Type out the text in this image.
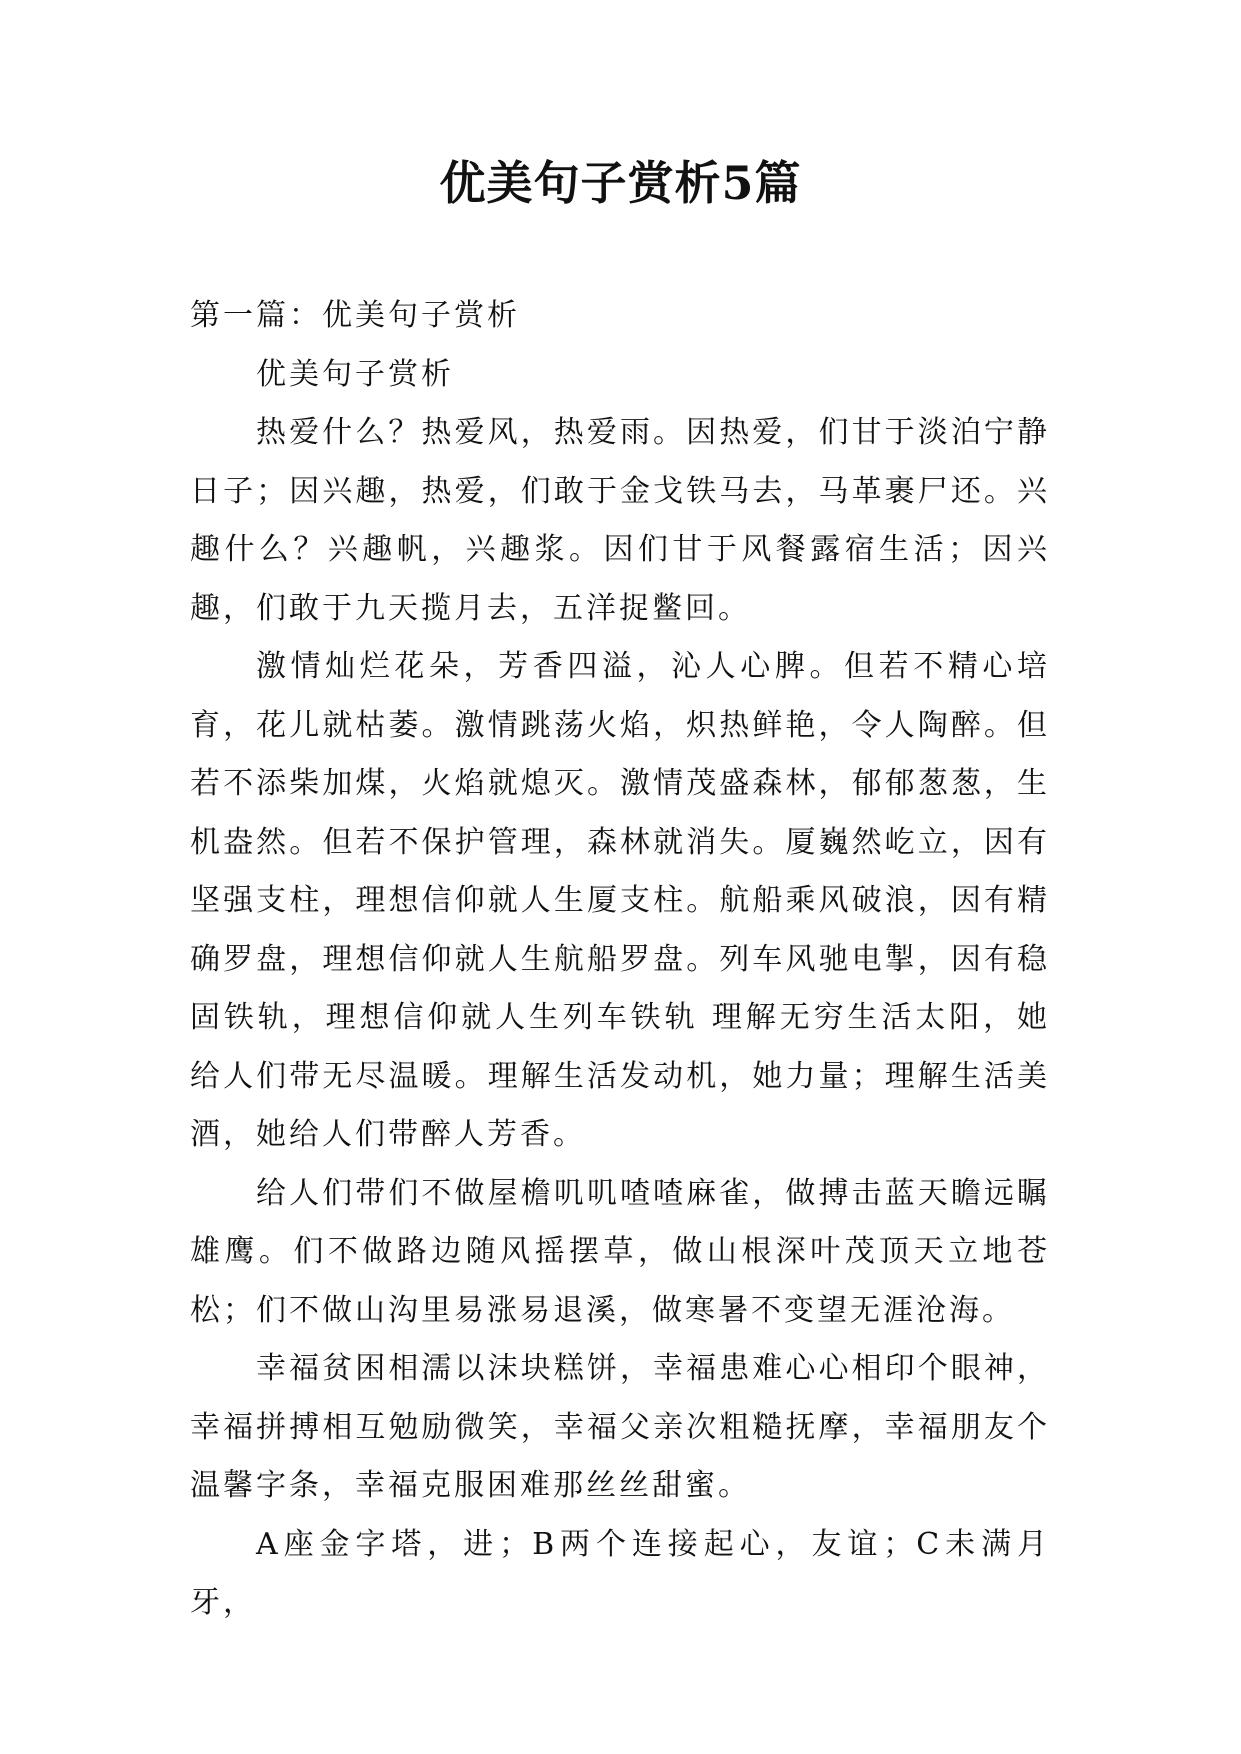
优美句子赏析5篇

第一篇：优美句子赏析

优美句子赏析

热爱什么？热爱风，热爱雨。因热爱，们甘于淡泊宁静日子；因兴趣，热爱，们敢于金戈铁马去，马革裹尸还。兴趣什么？兴趣帆，兴趣浆。因们甘于风餐露宿生活；因兴趣，们敢于九天揽月去，五洋捉鳖回。

激情灿烂花朵，芳香四溢，沁人心脾。但若不精心培育，花儿就枯萎。激情跳荡火焰，炽热鲜艳，令人陶醉。但若不添柴加煤，火焰就熄灭。激情茂盛森林，郁郁葱葱，生机盎然。但若不保护管理，森林就消失。厦巍然屹立，因有坚强支柱，理想信仰就人生厦支柱。航船乘风破浪，因有精确罗盘，理想信仰就人生航船罗盘。列车风驰电掣，因有稳固铁轨，理想信仰就人生列车铁轨 理解无穷生活太阳，她给人们带无尽温暖。理解生活发动机，她力量；理解生活美酒，她给人们带醉人芳香。

给人们带们不做屋檐叽叽喳喳麻雀，做搏击蓝天瞻远瞩雄鹰。们不做路边随风摇摆草，做山根深叶茂顶天立地苍松；们不做山沟里易涨易退溪，做寒暑不变望无涯沧海。

幸福贫困相濡以沫块糕饼，幸福患难心心相印个眼神，幸福拼搏相互勉励微笑，幸福父亲次粗糙抚摩，幸福朋友个温馨字条，幸福克服困难那丝丝甜蜜。

A座金字塔，进；B两个连接起心，友谊；C未满月牙，
